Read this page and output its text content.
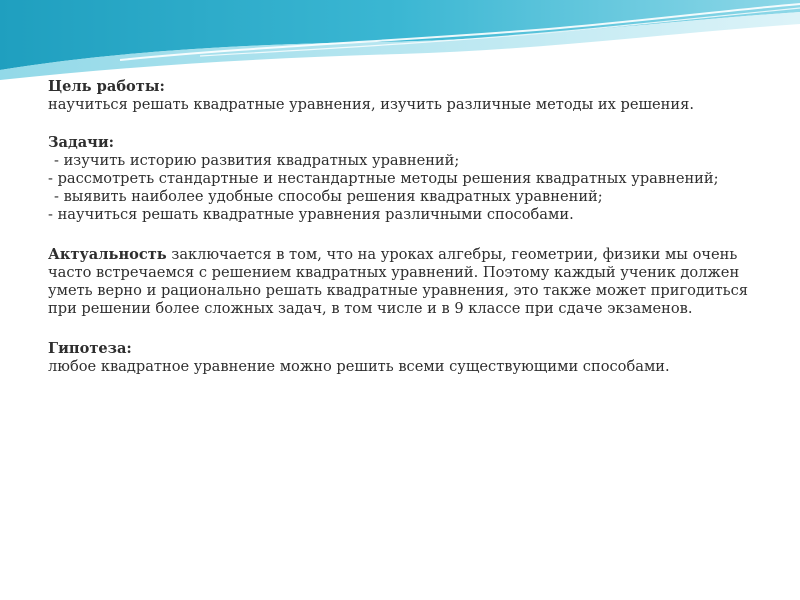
Цель работы:

научиться решать квадратные уравнения, изучить различные методы их решения.

Задачи:

- изучить историю развития квадратных уравнений;

- рассмотреть стандартные и нестандартные методы решения квадратных уравнений;

- выявить наиболее удобные способы решения квадратных уравнений;

- научиться решать квадратные уравнения различными способами.

Актуальность заключается в том, что на уроках алгебры, геометрии, физики мы очень часто встречаемся с решением квадратных уравнений. Поэтому каждый ученик должен уметь верно и рационально решать квадратные уравнения, это также может пригодиться при решении более сложных задач, в том числе и в 9 классе при сдаче экзаменов.

Гипотеза:

любое квадратное уравнение можно решить всеми существующими способами.
